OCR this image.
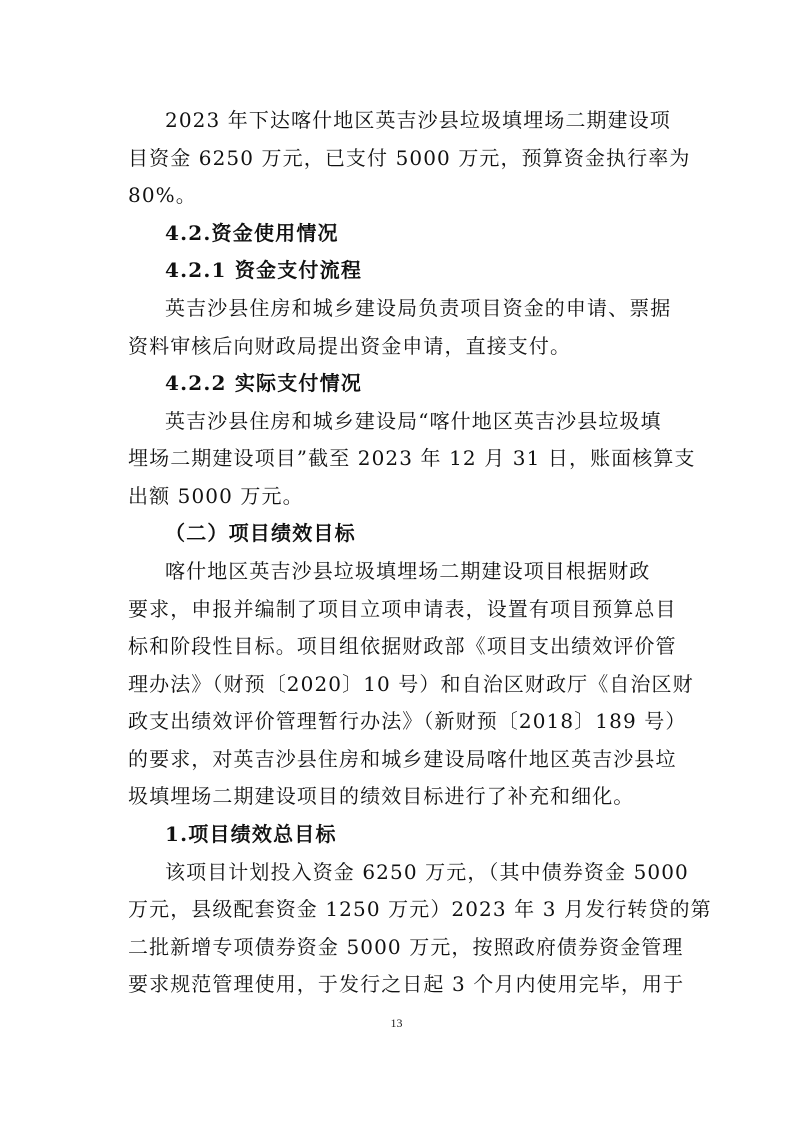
2023 年下达喀什地区英吉沙县垃圾填埋场二期建设项
目资金 6250 万元，已支付 5000 万元，预算资金执行率为
80%。
4.2.资金使用情况
4.2.1 资金支付流程
英吉沙县住房和城乡建设局负责项目资金的申请、票据
资料审核后向财政局提出资金申请，直接支付。
4.2.2 实际支付情况
英吉沙县住房和城乡建设局“喀什地区英吉沙县垃圾填
埋场二期建设项目”截至 2023 年 12 月 31 日，账面核算支
出额 5000 万元。
（二）项目绩效目标
喀什地区英吉沙县垃圾填埋场二期建设项目根据财政
要求，申报并编制了项目立项申请表，设置有项目预算总目
标和阶段性目标。项目组依据财政部《项目支出绩效评价管
理办法》（财预〔2020〕10 号）和自治区财政厅《自治区财
政支出绩效评价管理暂行办法》（新财预〔2018〕189 号）
的要求，对英吉沙县住房和城乡建设局喀什地区英吉沙县垃
圾填埋场二期建设项目的绩效目标进行了补充和细化。
1.项目绩效总目标
该项目计划投入资金 6250 万元，（其中债券资金 5000
万元，县级配套资金 1250 万元）2023 年 3 月发行转贷的第
二批新增专项债券资金 5000 万元，按照政府债券资金管理
要求规范管理使用，于发行之日起 3 个月内使用完毕，用于
13
